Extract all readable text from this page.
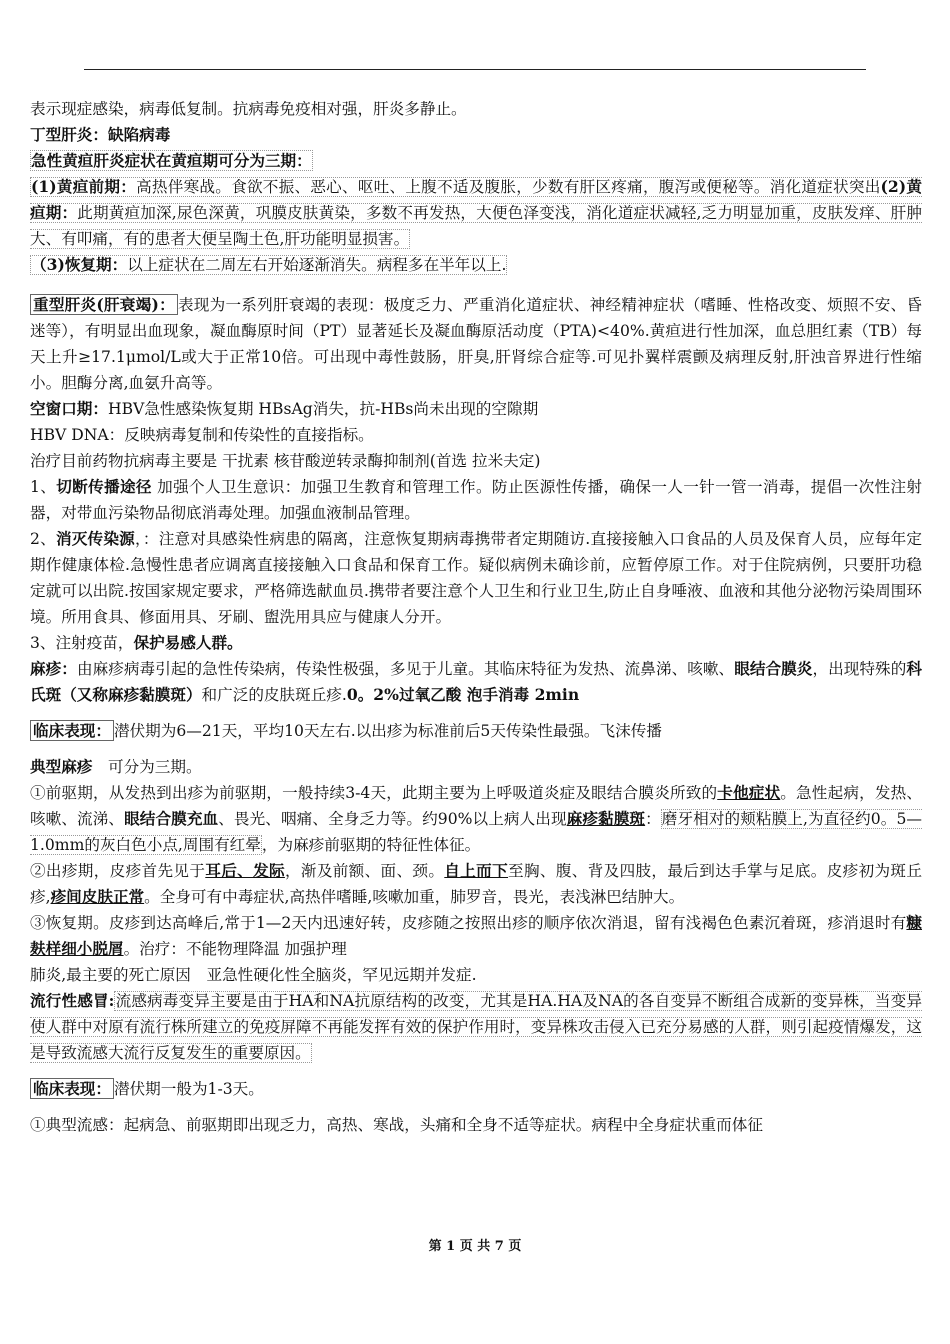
表示现症感染，病毒低复制。抗病毒免疫相对强，肝炎多静止。

丁型肝炎：缺陷病毒

急性黄疸肝炎症状在黄疸期可分为三期：

(1)黄疸前期：高热伴寒战。食欲不振、恶心、呕吐、上腹不适及腹胀，少数有肝区疼痛，腹泻或便秘等。消化道症状突出(2)黄疸期：此期黄疸加深,尿色深黄，巩膜皮肤黄染，多数不再发热，大便色泽变浅，消化道症状减轻,乏力明显加重，皮肤发痒、肝肿大、有叩痛，有的患者大便呈陶土色,肝功能明显损害。

（3)恢复期：以上症状在二周左右开始逐渐消失。病程多在半年以上.

重型肝炎(肝衰竭)： 表现为一系列肝衰竭的表现：极度乏力、严重消化道症状、神经精神症状（嗜睡、性格改变、烦照不安、昏迷等），有明显出血现象，凝血酶原时间（PT）显著延长及凝血酶原活动度（PTA)<40%.黄疸进行性加深，血总胆红素（TB）每天上升≥17.1μmol/L或大于正常10倍。可出现中毒性鼓肠，肝臭,肝肾综合症等.可见扑翼样震颤及病理反射,肝浊音界进行性缩小。胆酶分离,血氨升高等。

空窗口期：HBV急性感染恢复期 HBsAg消失，抗-HBs尚未出现的空隙期

HBV DNA：反映病毒复制和传染性的直接指标。

治疗目前药物抗病毒主要是 干扰素 核苷酸逆转录酶抑制剂(首选 拉米夫定)

1、切断传播途径 加强个人卫生意识：加强卫生教育和管理工作。防止医源性传播，确保一人一针一管一消毒，提倡一次性注射器，对带血污染物品彻底消毒处理。加强血液制品管理。

2、消灭传染源，：注意对具感染性病患的隔离，注意恢复期病毒携带者定期随访.直接接触入口食品的人员及保育人员，应每年定期作健康体检.急慢性患者应调离直接接触入口食品和保育工作。疑似病例未确诊前，应暂停原工作。对于住院病例，只要肝功稳定就可以出院.按国家规定要求，严格筛选献血员.携带者要注意个人卫生和行业卫生,防止自身唾液、血液和其他分泌物污染周围环境。所用食具、修面用具、牙刷、盥洗用具应与健康人分开。

3、注射疫苗，保护易感人群。

麻疹：由麻疹病毒引起的急性传染病，传染性极强，多见于儿童。其临床特征为发热、流鼻涕、咳嗽、眼结合膜炎，出现特殊的科氏斑（又称麻疹黏膜斑）和广泛的皮肤斑丘疹.0。2%过氧乙酸 泡手消毒 2min

临床表现： 潜伏期为6—21天，平均10天左右.以出疹为标准前后5天传染性最强。飞沫传播

典型麻疹　可分为三期。

①前驱期，从发热到出疹为前驱期，一般持续3-4天，此期主要为上呼吸道炎症及眼结合膜炎所致的卡他症状。急性起病，发热、咳嗽、流涕、眼结合膜充血、畏光、咽痛、全身乏力等。约90%以上病人出现麻疹黏膜斑：磨牙相对的颊粘膜上,为直径约0。5—1.0mm的灰白色小点,周围有红晕，为麻疹前驱期的特征性体征。

②出疹期，皮疹首先见于耳后、发际，渐及前额、面、颈。自上而下至胸、腹、背及四肢，最后到达手掌与足底。皮疹初为斑丘疹,疹间皮肤正常。全身可有中毒症状,高热伴嗜睡,咳嗽加重，肺罗音，畏光，表浅淋巴结肿大。

③恢复期。皮疹到达高峰后,常于1—2天内迅速好转，皮疹随之按照出疹的顺序依次消退，留有浅褐色色素沉着斑，疹消退时有糠麸样细小脱屑。治疗：不能物理降温 加强护理

肺炎,最主要的死亡原因　亚急性硬化性全脑炎，罕见远期并发症.

流行性感冒:流感病毒变异主要是由于HA和NA抗原结构的改变，尤其是HA.HA及NA的各自变异不断组合成新的变异株，当变异使人群中对原有流行株所建立的免疫屏障不再能发挥有效的保护作用时，变异株攻击侵入已充分易感的人群，则引起疫情爆发，这是导致流感大流行反复发生的重要原因。

临床表现： 潜伏期一般为1-3天。

①典型流感：起病急、前驱期即出现乏力，高热、寒战，头痛和全身不适等症状。病程中全身症状重而体征

第 1 页 共 7 页
